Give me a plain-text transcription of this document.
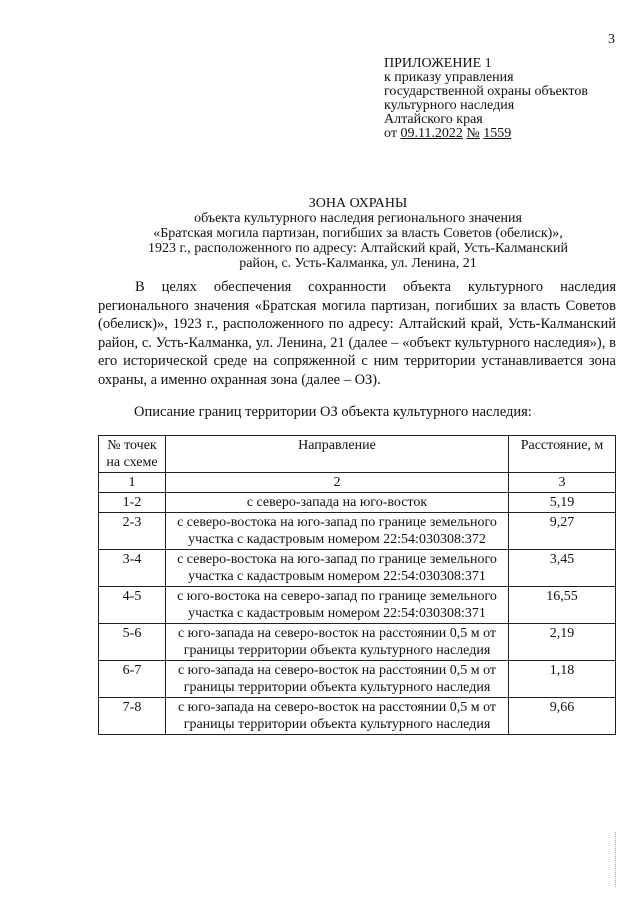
3
ПРИЛОЖЕНИЕ 1
к приказу управления
государственной охраны объектов
культурного наследия
Алтайского края
от 09.11.2022 № 1559
ЗОНА ОХРАНЫ
объекта культурного наследия регионального значения
«Братская могила партизан, погибших за власть Советов (обелиск)»,
1923 г., расположенного по адресу: Алтайский край, Усть-Калманский
район, с. Усть-Калманка, ул. Ленина, 21
В целях обеспечения сохранности объекта культурного наследия регионального значения «Братская могила партизан, погибших за власть Советов (обелиск)», 1923 г., расположенного по адресу: Алтайский край, Усть-Калманский район, с. Усть-Калманка, ул. Ленина, 21 (далее – «объект культурного наследия»), в его исторической среде на сопряженной с ним территории устанавливается зона охраны, а именно охранная зона (далее – ОЗ).
Описание границ территории ОЗ объекта культурного наследия:
№ точек на схеме	Направление	Расстояние, м
1	2	3
1-2	с северо-запада на юго-восток	5,19
2-3	с северо-востока на юго-запад по границе земельного участка с кадастровым номером 22:54:030308:372	9,27
3-4	с северо-востока на юго-запад по границе земельного участка с кадастровым номером 22:54:030308:371	3,45
4-5	с юго-востока на северо-запад по границе земельного участка с кадастровым номером 22:54:030308:371	16,55
5-6	с юго-запада на северо-восток на расстоянии 0,5 м от границы территории объекта культурного наследия	2,19
6-7	с юго-запада на северо-восток на расстоянии 0,5 м от границы территории объекта культурного наследия	1,18
7-8	с юго-запада на северо-восток на расстоянии 0,5 м от границы территории объекта культурного наследия	9,66
